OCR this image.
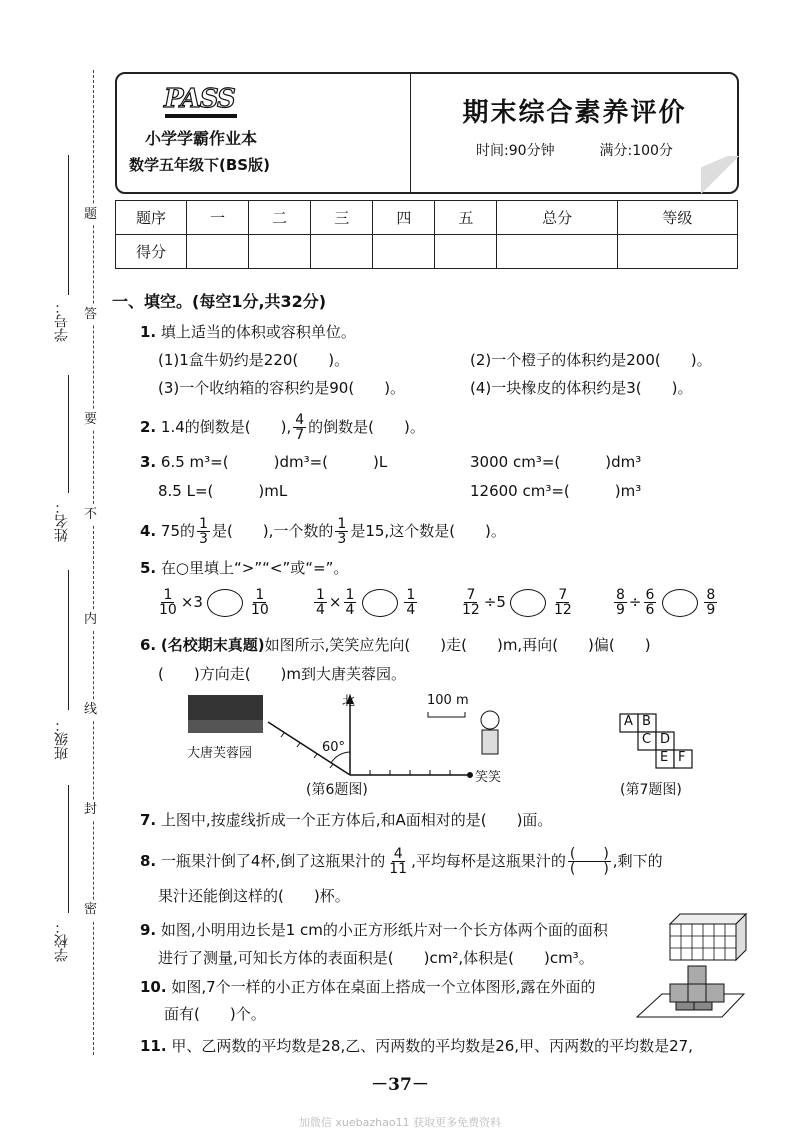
题
答
要
不
内
线
封
密
学号：
姓名：
班级：
学校：
PASS
小学学霸作业本
数学五年级下(BS版)
期末综合素养评价
时间:90分钟	满分:100分
题序	一	二	三	四	五	总分	等级
得分							
一、填空。(每空1分,共32分)
1. 填上适当的体积或容积单位。
(1)1盒牛奶约是220(　　)。	(2)一个橙子的体积约是200(　　)。
(3)一个收纳箱的容积约是90(　　)。	(4)一块橡皮的体积约是3(　　)。
2. 1.4的倒数是(　　), $\frac{4}{7}$ 的倒数是(　　)。
3. 6.5 m³=(　　　)dm³=(　　　)L	3000 cm³=(　　　)dm³
8.5 L=(　　　)mL	12600 cm³=(　　　)m³
4. 75的 $\frac{1}{3}$ 是(　　),一个数的 $\frac{1}{3}$ 是15,这个数是(　　)。
5. 在○里填上“>”“<”或“=”。
$\frac{1}{10} \times 3$	$\frac{1}{10}$	$\frac{1}{4} \times \frac{1}{4}$	$\frac{1}{4}$	$\frac{7}{12} \div 5$	$\frac{7}{12}$	$\frac{8}{9} \div \frac{6}{6}$	$\frac{8}{9}$
6. (名校期末真题)如图所示,笑笑应先向(　　)走(　　)m,再向(　　)偏(　　)
(　　)方向走(　　)m到大唐芙蓉园。
大唐芙蓉园
北	100 m
60°
笑笑
(第6题图)
A B
C D
E F
(第7题图)
7. 上图中,按虚线折成一个正方体后,和A面相对的是(　　)面。
8. 一瓶果汁倒了4杯,倒了这瓶果汁的 $\frac{4}{11}$ ,平均每杯是这瓶果汁的 $\frac{( )}{( )}$ ,剩下的
果汁还能倒这样的(　　)杯。
9. 如图,小明用边长是1 cm的小正方形纸片对一个长方体两个面的面积
进行了测量,可知长方体的表面积是(　　)cm²,体积是(　　)cm³。
10. 如图,7个一样的小正方体在桌面上搭成一个立体图形,露在外面的
面有(　　)个。
11. 甲、乙两数的平均数是28,乙、丙两数的平均数是26,甲、丙两数的平均数是27,
－37－
加微信 xuebazhao11 获取更多免费资料
